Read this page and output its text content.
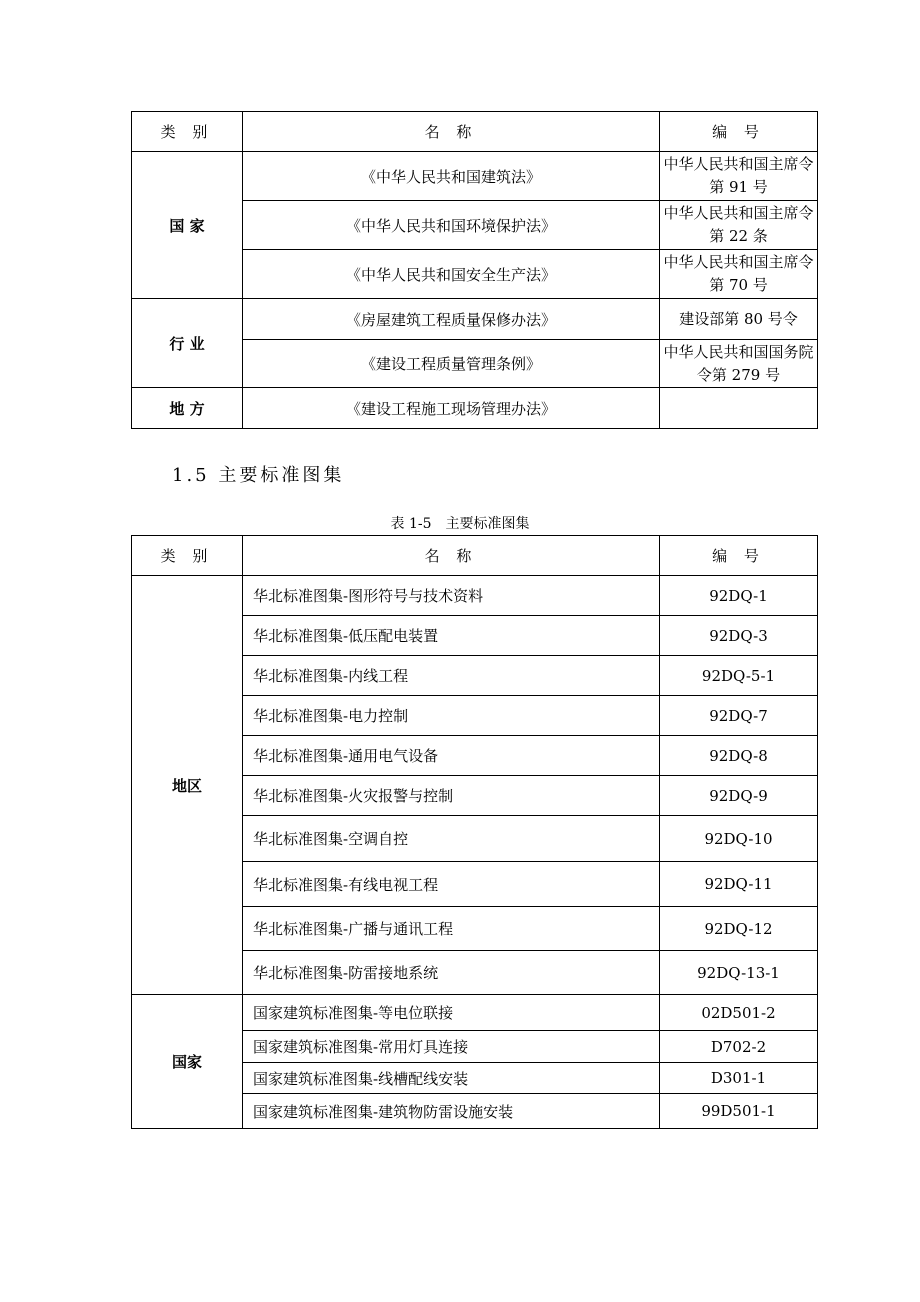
类 别	名 称	编 号
国 家	《中华人民共和国建筑法》	中华人民共和国主席令第 91 号
	《中华人民共和国环境保护法》	中华人民共和国主席令第 22 条
	《中华人民共和国安全生产法》	中华人民共和国主席令第 70 号
行 业	《房屋建筑工程质量保修办法》	建设部第 80 号令
	《建设工程质量管理条例》	中华人民共和国国务院令第 279 号
地 方	《建设工程施工现场管理办法》	
1.5 主要标准图集

表 1-5　主要标准图集

类 别	名 称	编 号
地区	华北标准图集-图形符号与技术资料	92DQ-1
	华北标准图集-低压配电装置	92DQ-3
	华北标准图集-内线工程	92DQ-5-1
	华北标准图集-电力控制	92DQ-7
	华北标准图集-通用电气设备	92DQ-8
	华北标准图集-火灾报警与控制	92DQ-9
	华北标准图集-空调自控	92DQ-10
	华北标准图集-有线电视工程	92DQ-11
	华北标准图集-广播与通讯工程	92DQ-12
	华北标准图集-防雷接地系统	92DQ-13-1
国家	国家建筑标准图集-等电位联接	02D501-2
	国家建筑标准图集-常用灯具连接	D702-2
	国家建筑标准图集-线槽配线安装	D301-1
	国家建筑标准图集-建筑物防雷设施安装	99D501-1
